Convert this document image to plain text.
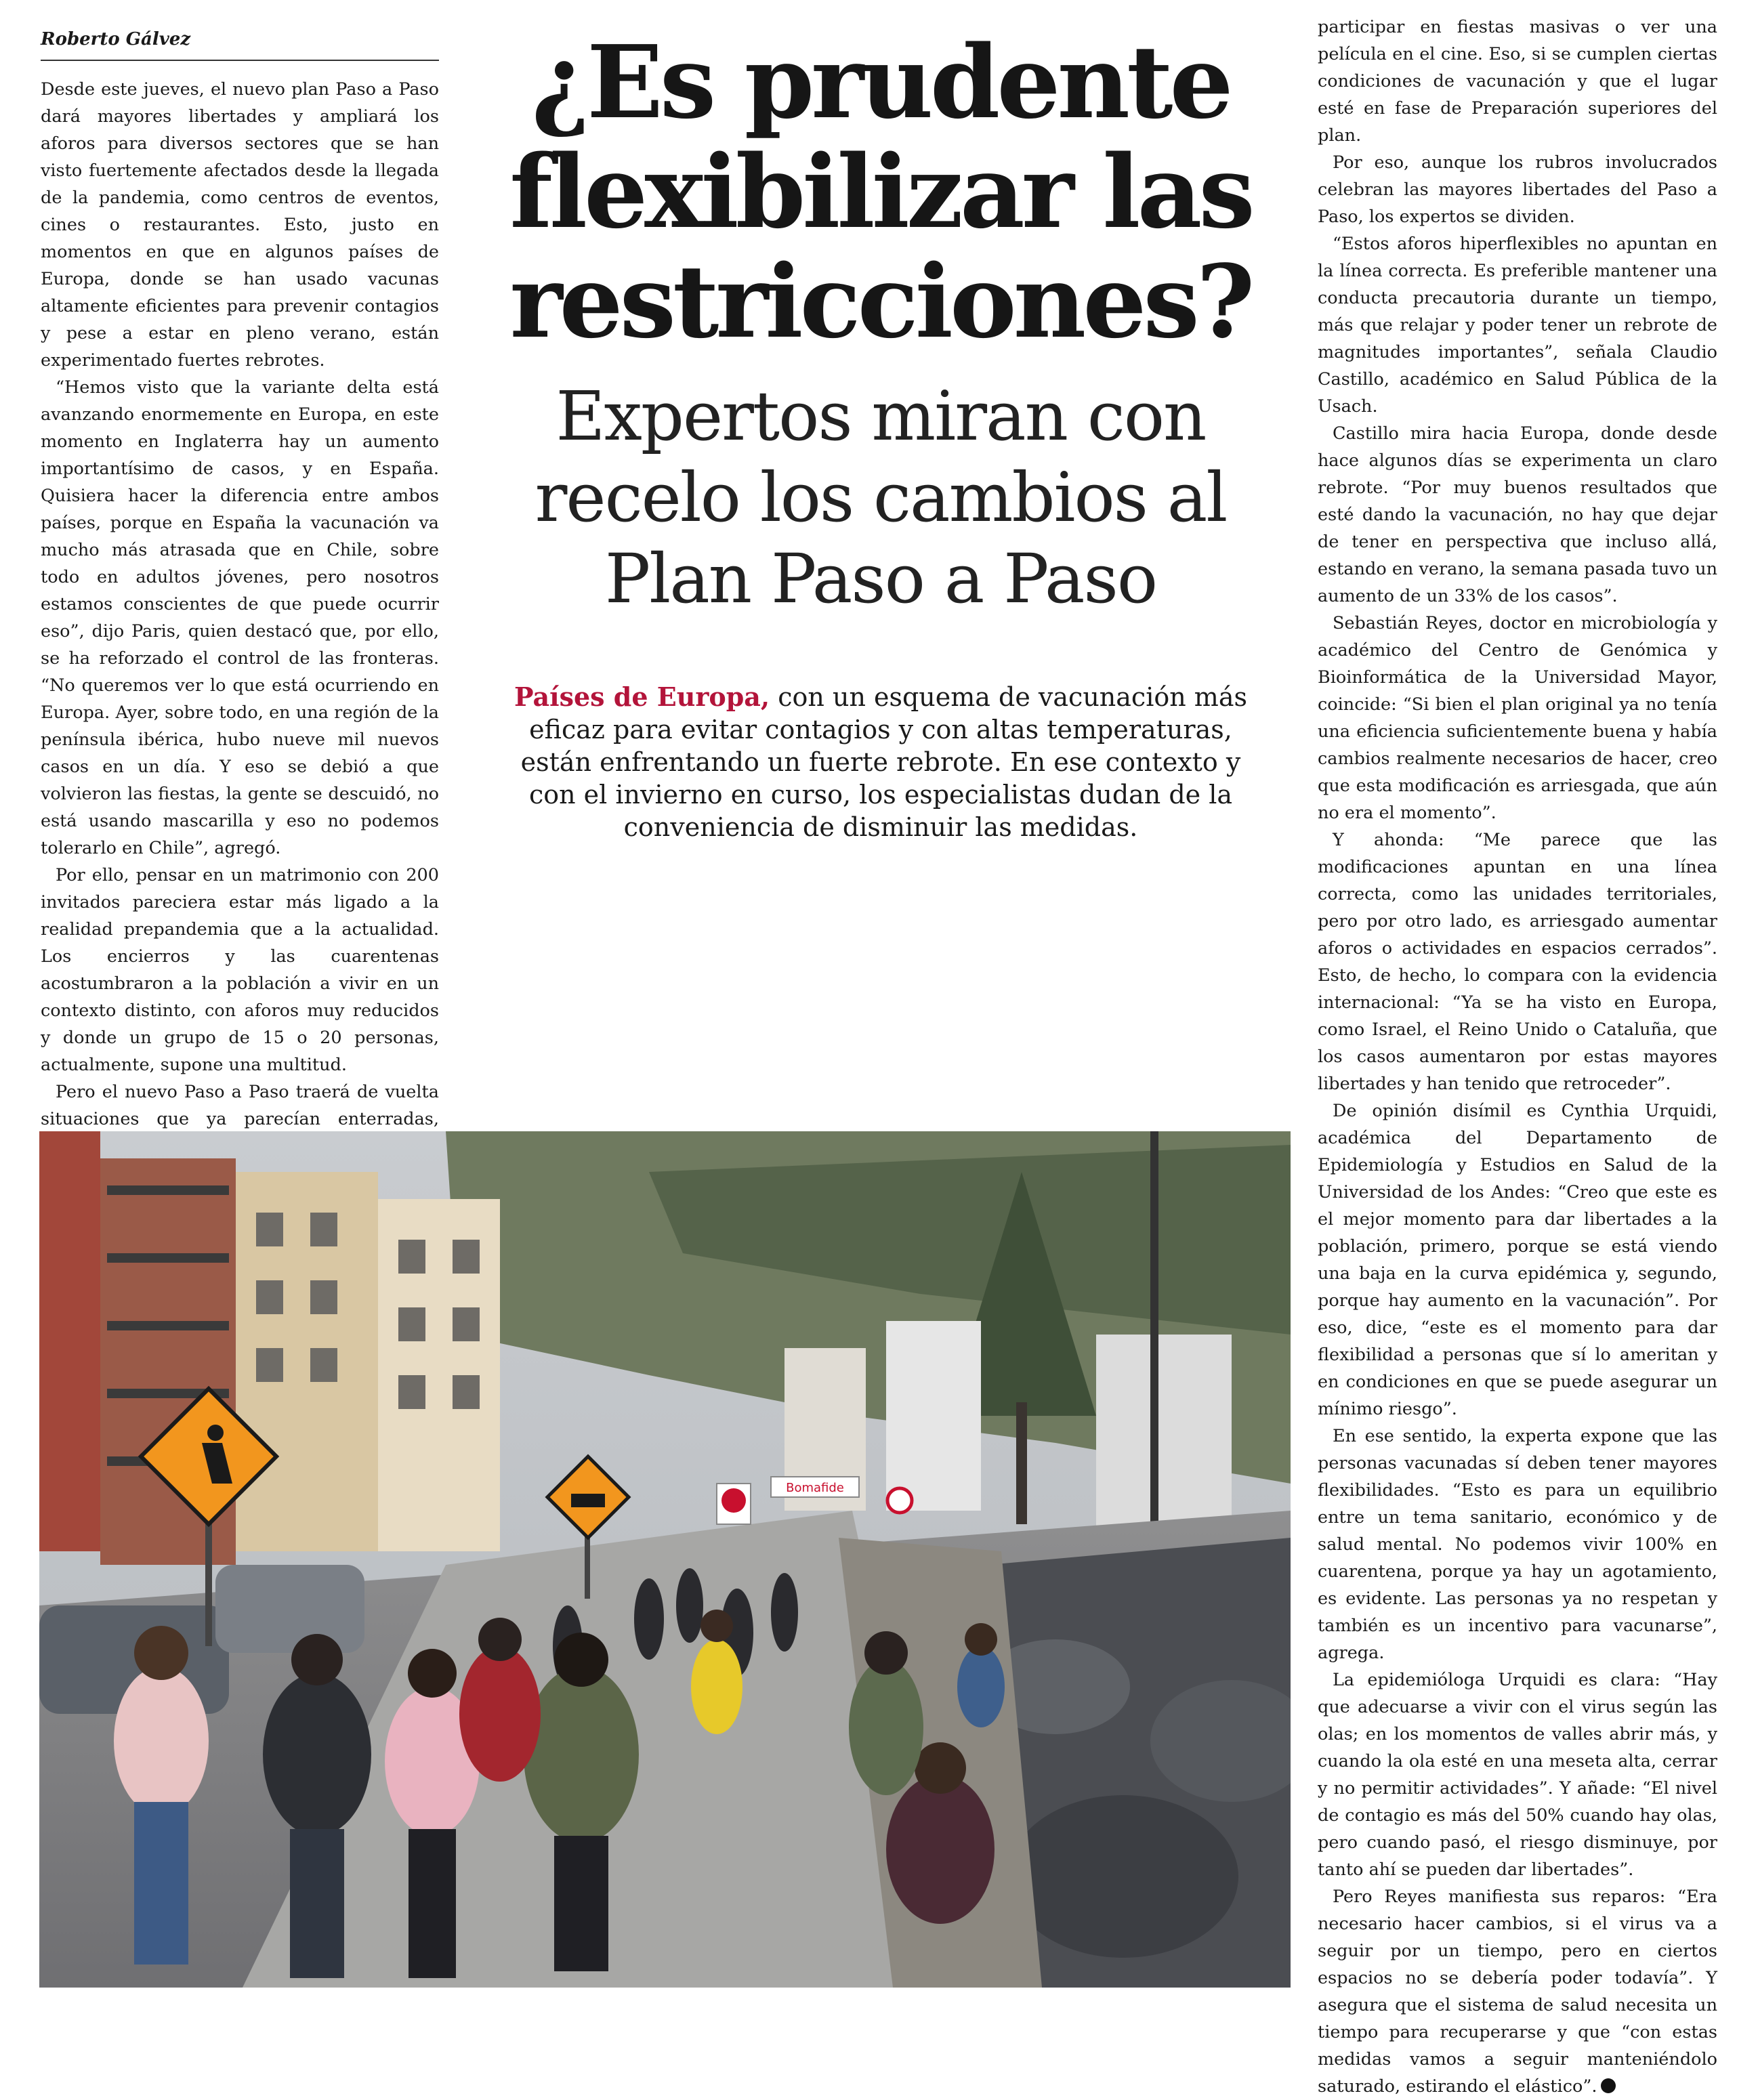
Roberto Gálvez

Desde este jueves, el nuevo plan Paso a Paso dará mayores libertades y ampliará los aforos para diversos sectores que se han visto fuertemente afectados desde la llegada de la pandemia, como centros de eventos, cines o restaurantes. Esto, justo en momentos en que en algunos países de Europa, donde se han usado vacunas altamente eficientes para prevenir contagios y pese a estar en pleno verano, están experimentado fuertes rebrotes.

“Hemos visto que la variante delta está avanzando enormemente en Europa, en este momento en Inglaterra hay un aumento importantísimo de casos, y en España. Quisiera hacer la diferencia entre ambos países, porque en España la vacunación va mucho más atrasada que en Chile, sobre todo en adultos jóvenes, pero nosotros estamos conscientes de que puede ocurrir eso”, dijo Paris, quien destacó que, por ello, se ha reforzado el control de las fronteras. “No queremos ver lo que está ocurriendo en Europa. Ayer, sobre todo, en una región de la península ibérica, hubo nueve mil nuevos casos en un día. Y eso se debió a que volvieron las fiestas, la gente se descuidó, no está usando mascarilla y eso no podemos tolerarlo en Chile”, agregó.

Por ello, pensar en un matrimonio con 200 invitados pareciera estar más ligado a la realidad prepandemia que a la actualidad. Los encierros y las cuarentenas acostumbraron a la población a vivir en un contexto distinto, con aforos muy reducidos y donde un grupo de 15 o 20 personas, actualmente, supone una multitud.

Pero el nuevo Paso a Paso traerá de vuelta situaciones que ya parecían enterradas,

¿Es prudente flexibilizar las restricciones?
Expertos miran con recelo los cambios al Plan Paso a Paso

Países de Europa, con un esquema de vacunación más eficaz para evitar contagios y con altas temperaturas, están enfrentando un fuerte rebrote. En ese contexto y con el invierno en curso, los especialistas dudan de la conveniencia de disminuir las medidas.

participar en fiestas masivas o ver una película en el cine. Eso, si se cumplen ciertas condiciones de vacunación y que el lugar esté en fase de Preparación superiores del plan.

Por eso, aunque los rubros involucrados celebran las mayores libertades del Paso a Paso, los expertos se dividen.

“Estos aforos hiperflexibles no apuntan en la línea correcta. Es preferible mantener una conducta precautoria durante un tiempo, más que relajar y poder tener un rebrote de magnitudes importantes”, señala Claudio Castillo, académico en Salud Pública de la Usach.

Castillo mira hacia Europa, donde desde hace algunos días se experimenta un claro rebrote. “Por muy buenos resultados que esté dando la vacunación, no hay que dejar de tener en perspectiva que incluso allá, estando en verano, la semana pasada tuvo un aumento de un 33% de los casos”.

Sebastián Reyes, doctor en microbiología y académico del Centro de Genómica y Bioinformática de la Universidad Mayor, coincide: “Si bien el plan original ya no tenía una eficiencia suficientemente buena y había cambios realmente necesarios de hacer, creo que esta modificación es arriesgada, que aún no era el momento”.

Y ahonda: “Me parece que las modificaciones apuntan en una línea correcta, como las unidades territoriales, pero por otro lado, es arriesgado aumentar aforos o actividades en espacios cerrados”. Esto, de hecho, lo compara con la evidencia internacional: “Ya se ha visto en Europa, como Israel, el Reino Unido o Cataluña, que los casos aumentaron por estas mayores libertades y han tenido que retroceder”.

De opinión disímil es Cynthia Urquidi, académica del Departamento de Epidemiología y Estudios en Salud de la Universidad de los Andes: “Creo que este es el mejor momento para dar libertades a la población, primero, porque se está viendo una baja en la curva epidémica y, segundo, porque hay aumento en la vacunación”. Por eso, dice, “este es el momento para dar flexibilidad a personas que sí lo ameritan y en condiciones en que se puede asegurar un mínimo riesgo”.

En ese sentido, la experta expone que las personas vacunadas sí deben tener mayores flexibilidades. “Esto es para un equilibrio entre un tema sanitario, económico y de salud mental. No podemos vivir 100% en cuarentena, porque ya hay un agotamiento, es evidente. Las personas ya no respetan y también es un incentivo para vacunarse”, agrega.

La epidemióloga Urquidi es clara: “Hay que adecuarse a vivir con el virus según las olas; en los momentos de valles abrir más, y cuando la ola esté en una meseta alta, cerrar y no permitir actividades”. Y añade: “El nivel de contagio es más del 50% cuando hay olas, pero cuando pasó, el riesgo disminuye, por tanto ahí se pueden dar libertades”.

Pero Reyes manifiesta sus reparos: “Era necesario hacer cambios, si el virus va a seguir por un tiempo, pero en ciertos espacios no se debería poder todavía”. Y asegura que el sistema de salud necesita un tiempo para recuperarse y que “con estas medidas vamos a seguir manteniéndolo saturado, estirando el elástico”.

Bomafide
